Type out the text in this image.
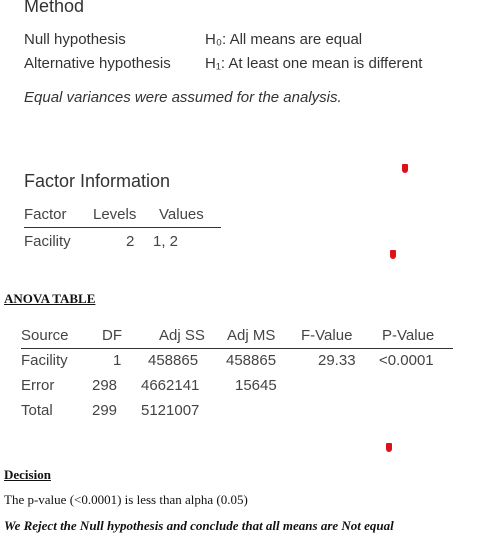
Method
Null hypothesis	H₀: All means are equal
Alternative hypothesis H₁: At least one mean is different
Equal variances were assumed for the analysis.
Factor Information
Factor Levels Values
Facility	2 1, 2
ANOVA TABLE
Source DF Adj SS Adj MS F-Value P-Value
Facility	1 458865 458865	29.33 <0.0001
Error	298 4662141 15645
Total	299 5121007
Decision
The p-value (<0.0001) is less than alpha (0.05)
We Reject the Null hypothesis and conclude that all means are Not equal
